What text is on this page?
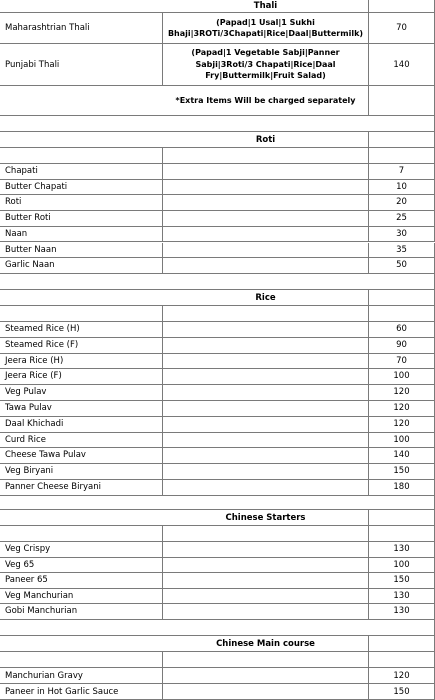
Thali
Maharashtrian Thali
(Papad|1 Usal|1 Sukhi
Bhaji|3ROTi/3Chapati|Rice|Daal|Buttermilk)
70
Punjabi Thali
(Papad|1 Vegetable Sabji|Panner
Sabji|3Roti/3 Chapati|Rice|Daal
Fry|Buttermilk|Fruit Salad)
140
*Extra Items Will be charged separately
Roti
Chapati	7
Butter Chapati	10
Roti	20
Butter Roti	25
Naan	30
Butter Naan	35
Garlic Naan	50
Rice
Steamed Rice (H)	60
Steamed Rice (F)	90
Jeera Rice (H)	70
Jeera Rice (F)	100
Veg Pulav	120
Tawa Pulav	120
Daal Khichadi	120
Curd Rice	100
Cheese Tawa Pulav	140
Veg Biryani	150
Panner Cheese Biryani	180
Chinese Starters
Veg Crispy	130
Veg 65	100
Paneer 65	150
Veg Manchurian	130
Gobi Manchurian	130
Chinese Main course
Manchurian Gravy	120
Paneer in Hot Garlic Sauce	150
